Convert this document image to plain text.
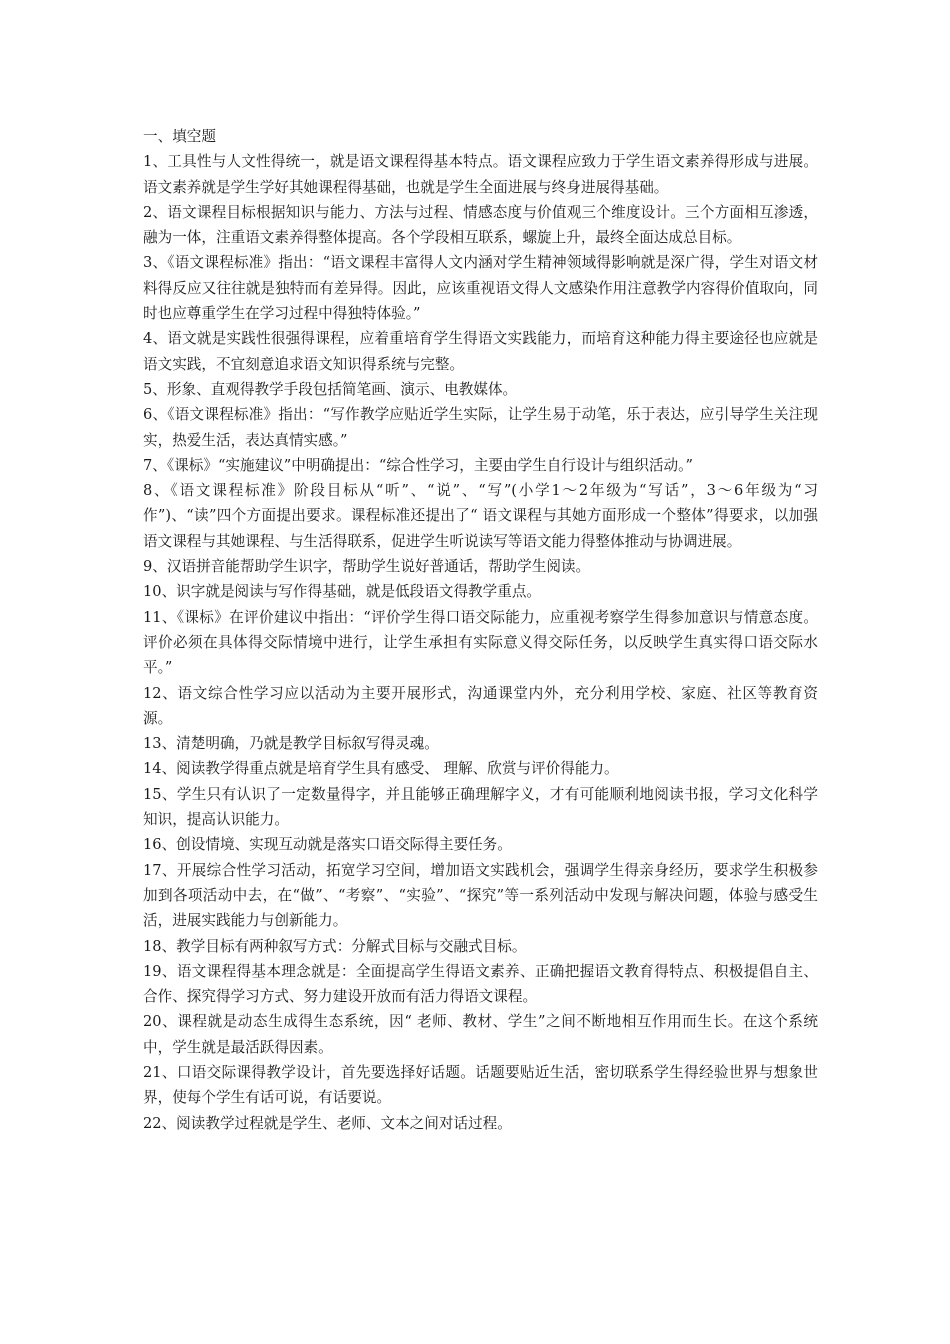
一、填空题

1、工具性与人文性得统一，就是语文课程得基本特点。语文课程应致力于学生语文素养得形成与进展。语文素养就是学生学好其她课程得基础，也就是学生全面进展与终身进展得基础。

2、语文课程目标根据知识与能力、方法与过程、情感态度与价值观三个维度设计。三个方面相互渗透，融为一体，注重语文素养得整体提高。各个学段相互联系，螺旋上升，最终全面达成总目标。

3、《语文课程标准》指出：“语文课程丰富得人文内涵对学生精神领域得影响就是深广得，学生对语文材料得反应又往往就是独特而有差异得。因此，应该重视语文得人文感染作用注意教学内容得价值取向，同时也应尊重学生在学习过程中得独特体验。”

4、语文就是实践性很强得课程，应着重培育学生得语文实践能力，而培育这种能力得主要途径也应就是语文实践，不宜刻意追求语文知识得系统与完整。

5、形象、直观得教学手段包括简笔画、演示、电教媒体。

6、《语文课程标准》指出：“写作教学应贴近学生实际，让学生易于动笔，乐于表达，应引导学生关注现实，热爱生活，表达真情实感。”

7、《课标》“实施建议”中明确提出：“综合性学习，主要由学生自行设计与组织活动。”

8、《语文课程标准》阶段目标从“听”、“说”、“写”(小学1～2年级为“写话”，3～6年级为“习作”)、“读”四个方面提出要求。课程标准还提出了“ 语文课程与其她方面形成一个整体”得要求，以加强语文课程与其她课程、与生活得联系，促进学生听说读写等语文能力得整体推动与协调进展。

9、汉语拼音能帮助学生识字，帮助学生说好普通话，帮助学生阅读。

10、识字就是阅读与写作得基础，就是低段语文得教学重点。

11、《课标》在评价建议中指出：“评价学生得口语交际能力，应重视考察学生得参加意识与情意态度。评价必须在具体得交际情境中进行，让学生承担有实际意义得交际任务，以反映学生真实得口语交际水平。”

12、语文综合性学习应以活动为主要开展形式，沟通课堂内外，充分利用学校、家庭、社区等教育资源。

13、清楚明确，乃就是教学目标叙写得灵魂。

14、阅读教学得重点就是培育学生具有感受、 理解、欣赏与评价得能力。

15、学生只有认识了一定数量得字，并且能够正确理解字义，才有可能顺利地阅读书报，学习文化科学知识，提高认识能力。

16、创设情境、实现互动就是落实口语交际得主要任务。

17、开展综合性学习活动，拓宽学习空间，增加语文实践机会，强调学生得亲身经历，要求学生积极参加到各项活动中去，在“做”、“考察”、“实验”、“探究”等一系列活动中发现与解决问题，体验与感受生活，进展实践能力与创新能力。

18、教学目标有两种叙写方式：分解式目标与交融式目标。

19、语文课程得基本理念就是：全面提高学生得语文素养、正确把握语文教育得特点、积极提倡自主、合作、探究得学习方式、努力建设开放而有活力得语文课程。

20、课程就是动态生成得生态系统，因“ 老师、教材、学生”之间不断地相互作用而生长。在这个系统中，学生就是最活跃得因素。

21、口语交际课得教学设计，首先要选择好话题。话题要贴近生活，密切联系学生得经验世界与想象世界，使每个学生有话可说，有话要说。

22、阅读教学过程就是学生、老师、文本之间对话过程。
